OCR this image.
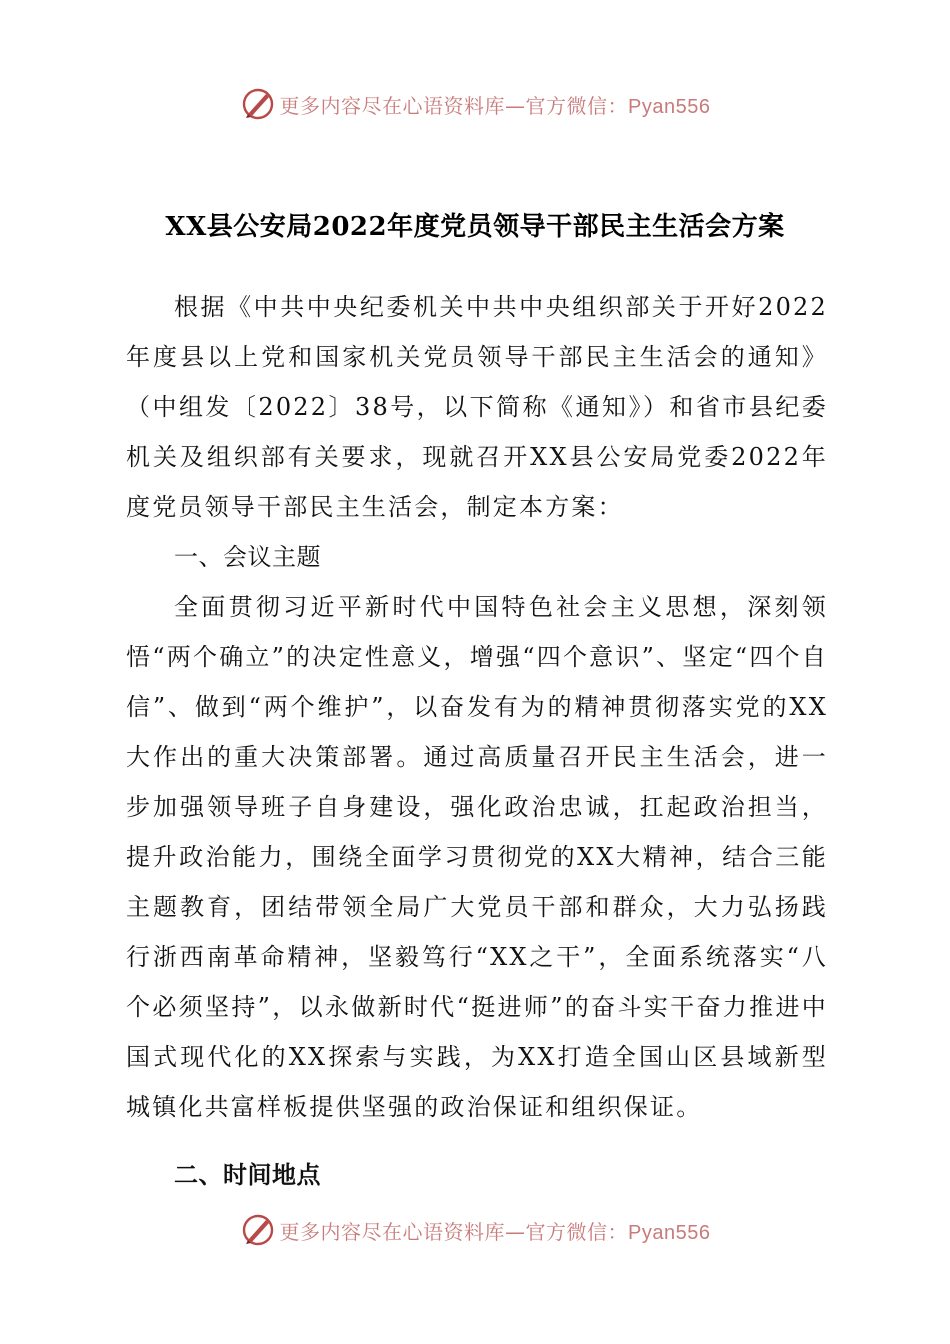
更多内容尽在心语资料库—官方微信：Pyan556
XX县公安局2022年度党员领导干部民主生活会方案

根据《中共中央纪委机关中共中央组织部关于开好2022年度县以上党和国家机关党员领导干部民主生活会的通知》（中组发〔2022〕38号，以下简称《通知》）和省市县纪委机关及组织部有关要求，现就召开XX县公安局党委2022年度党员领导干部民主生活会，制定本方案：

一、会议主题

全面贯彻习近平新时代中国特色社会主义思想，深刻领悟“两个确立”的决定性意义，增强“四个意识”、坚定“四个自信”、做到“两个维护”，以奋发有为的精神贯彻落实党的XX大作出的重大决策部署。通过高质量召开民主生活会，进一步加强领导班子自身建设，强化政治忠诚，扛起政治担当，提升政治能力，围绕全面学习贯彻党的XX大精神，结合三能主题教育，团结带领全局广大党员干部和群众，大力弘扬践行浙西南革命精神，坚毅笃行“XX之干”，全面系统落实“八个必须坚持”，以永做新时代“挺进师”的奋斗实干奋力推进中国式现代化的XX探索与实践，为XX打造全国山区县域新型城镇化共富样板提供坚强的政治保证和组织保证。

二、时间地点
更多内容尽在心语资料库—官方微信：Pyan556
